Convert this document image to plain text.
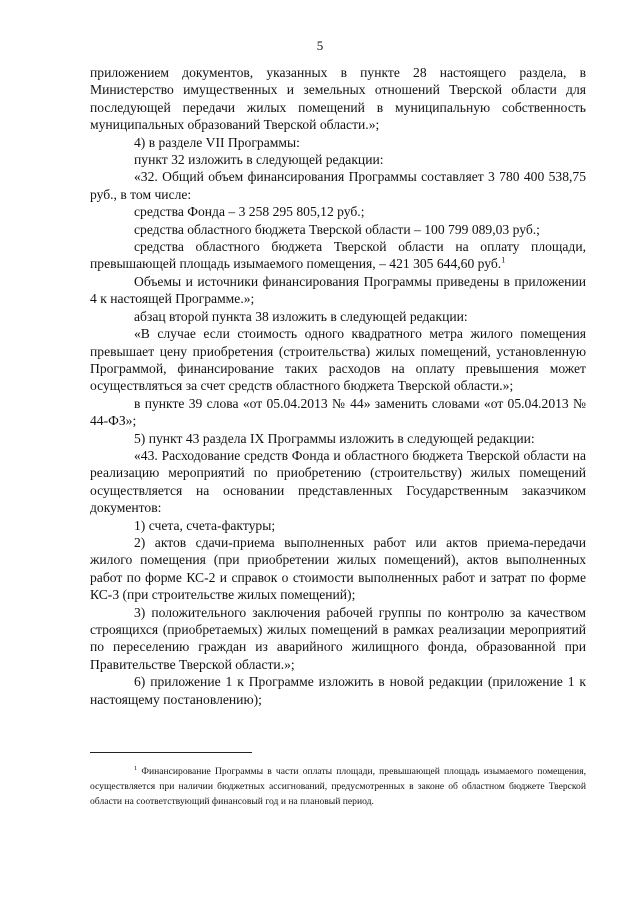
5

приложением документов, указанных в пункте 28 настоящего раздела, в Министерство имущественных и земельных отношений Тверской области для последующей передачи жилых помещений в муниципальную собственность муниципальных образований Тверской области.»;

4) в разделе VII Программы:

пункт 32 изложить в следующей редакции:

«32. Общий объем финансирования Программы составляет 3 780 400 538,75 руб., в том числе:

средства Фонда – 3 258 295 805,12 руб.;

средства областного бюджета Тверской области – 100 799 089,03 руб.;

средства областного бюджета Тверской области на оплату площади, превышающей площадь изымаемого помещения, – 421 305 644,60 руб.$^1$

Объемы и источники финансирования Программы приведены в приложении 4 к настоящей Программе.»;

абзац второй пункта 38 изложить в следующей редакции:

«В случае если стоимость одного квадратного метра жилого помещения превышает цену приобретения (строительства) жилых помещений, установленную Программой, финансирование таких расходов на оплату превышения может осуществляться за счет средств областного бюджета Тверской области.»;

в пункте 39 слова «от 05.04.2013 № 44» заменить словами «от 05.04.2013 № 44-ФЗ»;

5) пункт 43 раздела IX Программы изложить в следующей редакции:

«43. Расходование средств Фонда и областного бюджета Тверской области на реализацию мероприятий по приобретению (строительству) жилых помещений осуществляется на основании представленных Государственным заказчиком документов:

1) счета, счета-фактуры;

2) актов сдачи-приема выполненных работ или актов приема-передачи жилого помещения (при приобретении жилых помещений), актов выполненных работ по форме КС-2 и справок о стоимости выполненных работ и затрат по форме КС-3 (при строительстве жилых помещений);

3) положительного заключения рабочей группы по контролю за качеством строящихся (приобретаемых) жилых помещений в рамках реализации мероприятий по переселению граждан из аварийного жилищного фонда, образованной при Правительстве Тверской области.»;

6) приложение 1 к Программе изложить в новой редакции (приложение 1 к настоящему постановлению);

$^1$ Финансирование Программы в части оплаты площади, превышающей площадь изымаемого помещения, осуществляется при наличии бюджетных ассигнований, предусмотренных в законе об областном бюджете Тверской области на соответствующий финансовый год и на плановый период.
